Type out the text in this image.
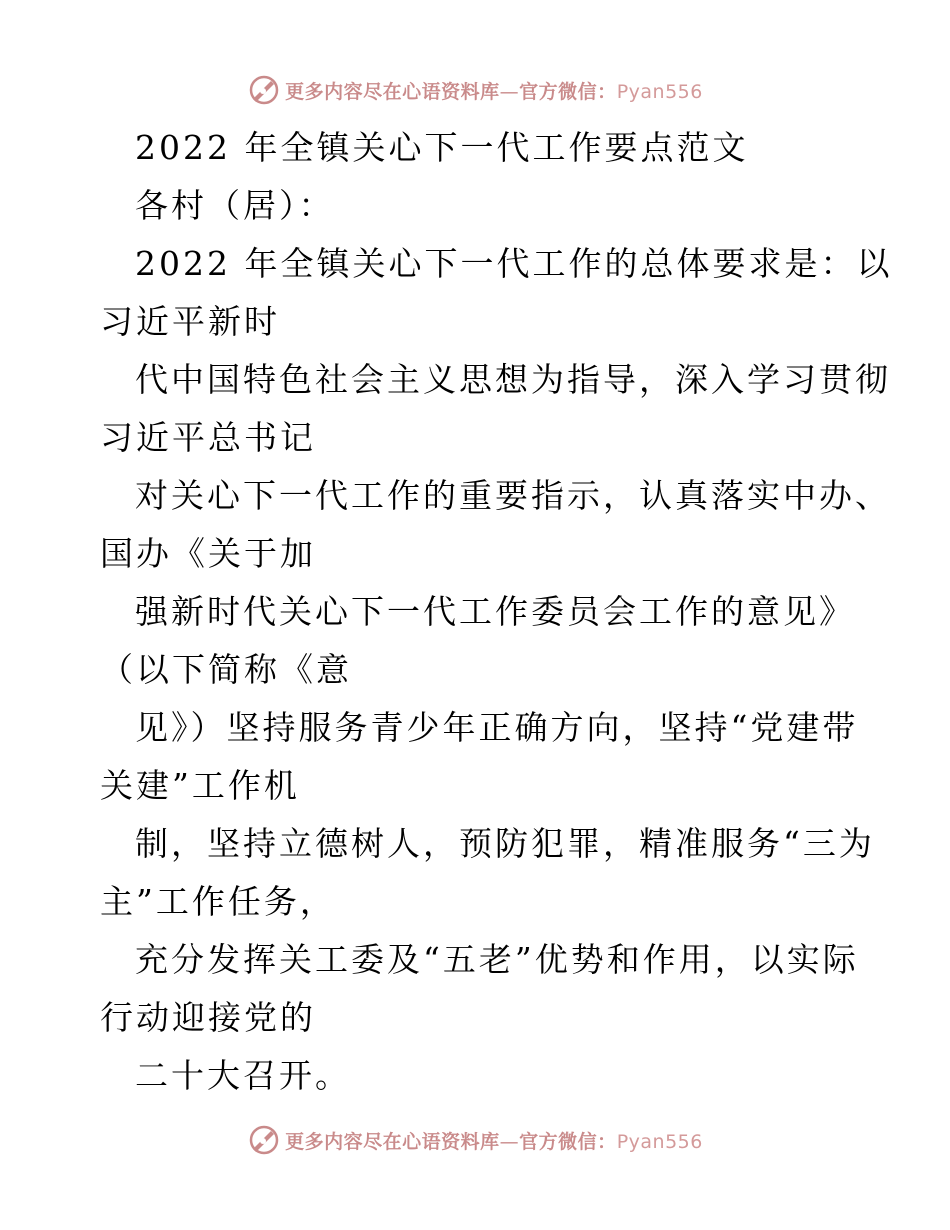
更多内容尽在心语资料库—官方微信：Pyan556
2022 年全镇关心下一代工作要点范文
各村（居）：
2022 年全镇关心下一代工作的总体要求是：以
习近平新时
代中国特色社会主义思想为指导，深入学习贯彻
习近平总书记
对关心下一代工作的重要指示，认真落实中办、
国办《关于加
强新时代关心下一代工作委员会工作的意见》
（以下简称《意
见》）坚持服务青少年正确方向，坚持“党建带
关建”工作机
制，坚持立德树人，预防犯罪，精准服务“三为
主”工作任务，
充分发挥关工委及“五老”优势和作用，以实际
行动迎接党的
二十大召开。
更多内容尽在心语资料库—官方微信：Pyan556
